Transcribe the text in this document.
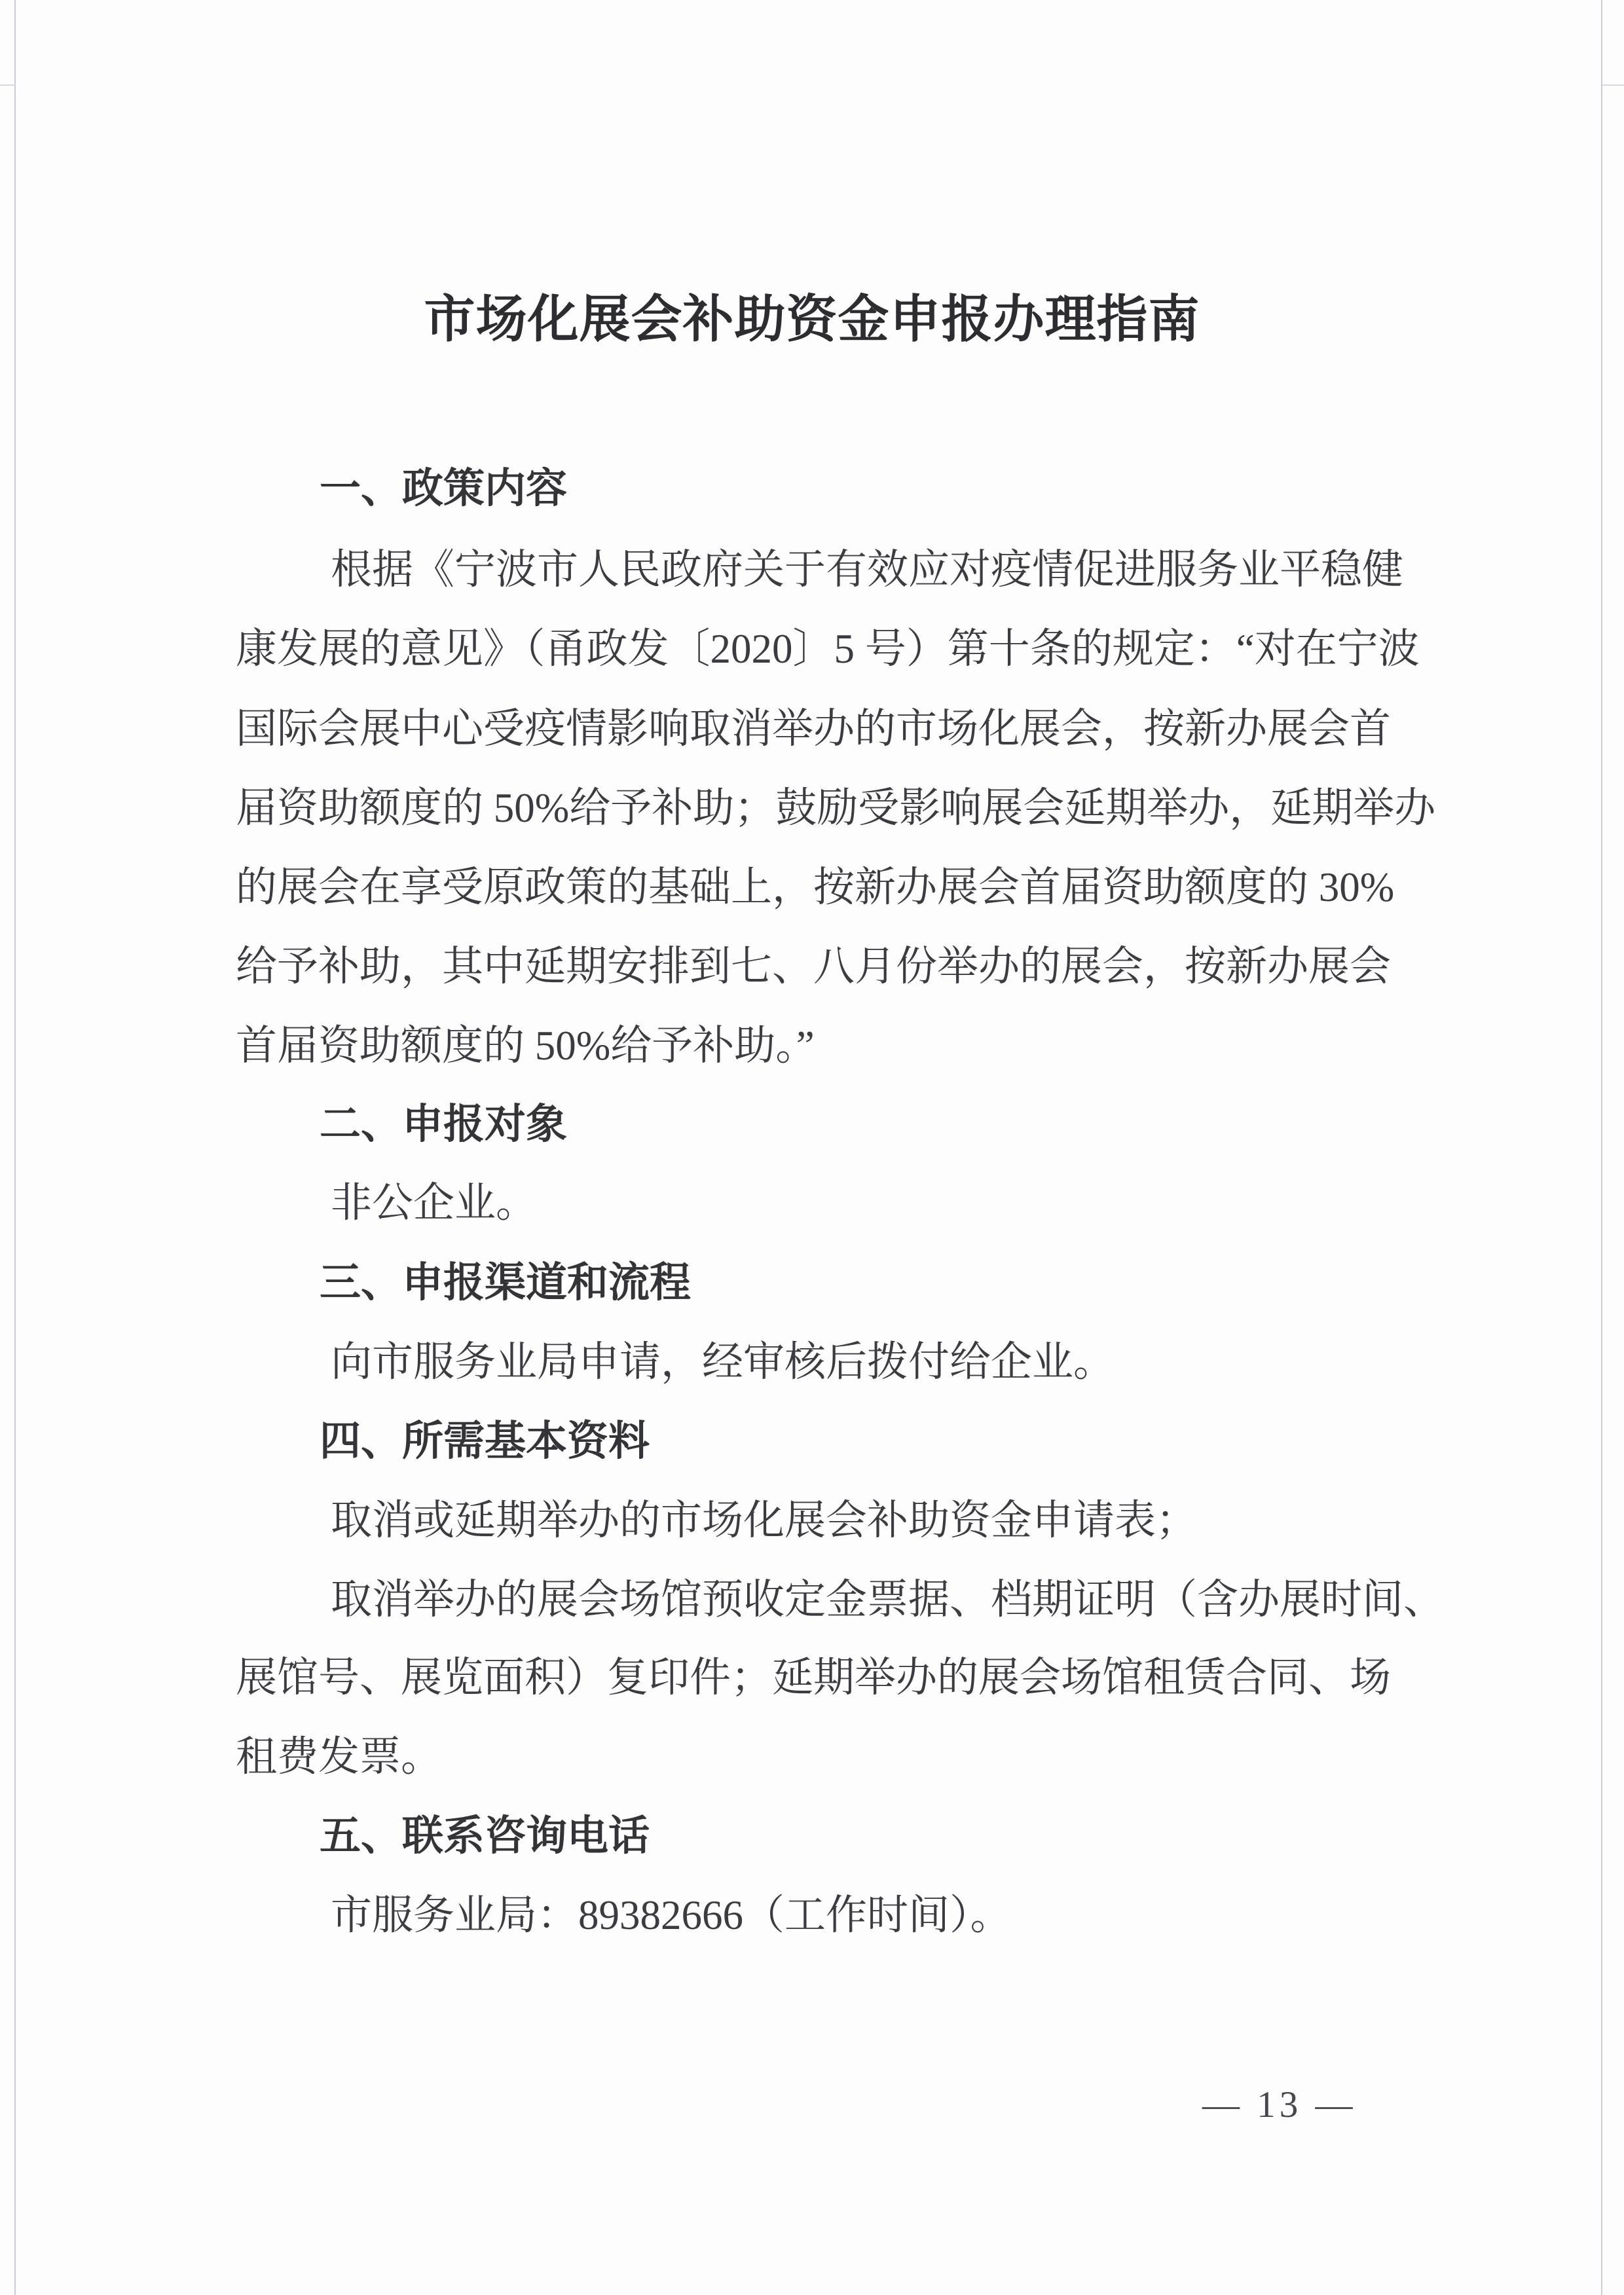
市场化展会补助资金申报办理指南
一、政策内容
根据《宁波市人民政府关于有效应对疫情促进服务业平稳健
康发展的意见》（甬政发〔2020〕5 号）第十条的规定：“对在宁波
国际会展中心受疫情影响取消举办的市场化展会，按新办展会首
届资助额度的 50%给予补助；鼓励受影响展会延期举办，延期举办
的展会在享受原政策的基础上，按新办展会首届资助额度的 30%
给予补助，其中延期安排到七、八月份举办的展会，按新办展会
首届资助额度的 50%给予补助。”
二、申报对象
非公企业。
三、申报渠道和流程
向市服务业局申请，经审核后拨付给企业。
四、所需基本资料
取消或延期举办的市场化展会补助资金申请表；
取消举办的展会场馆预收定金票据、档期证明（含办展时间、
展馆号、展览面积）复印件；延期举办的展会场馆租赁合同、场
租费发票。
五、联系咨询电话
市服务业局：89382666（工作时间）。
— 13 —
